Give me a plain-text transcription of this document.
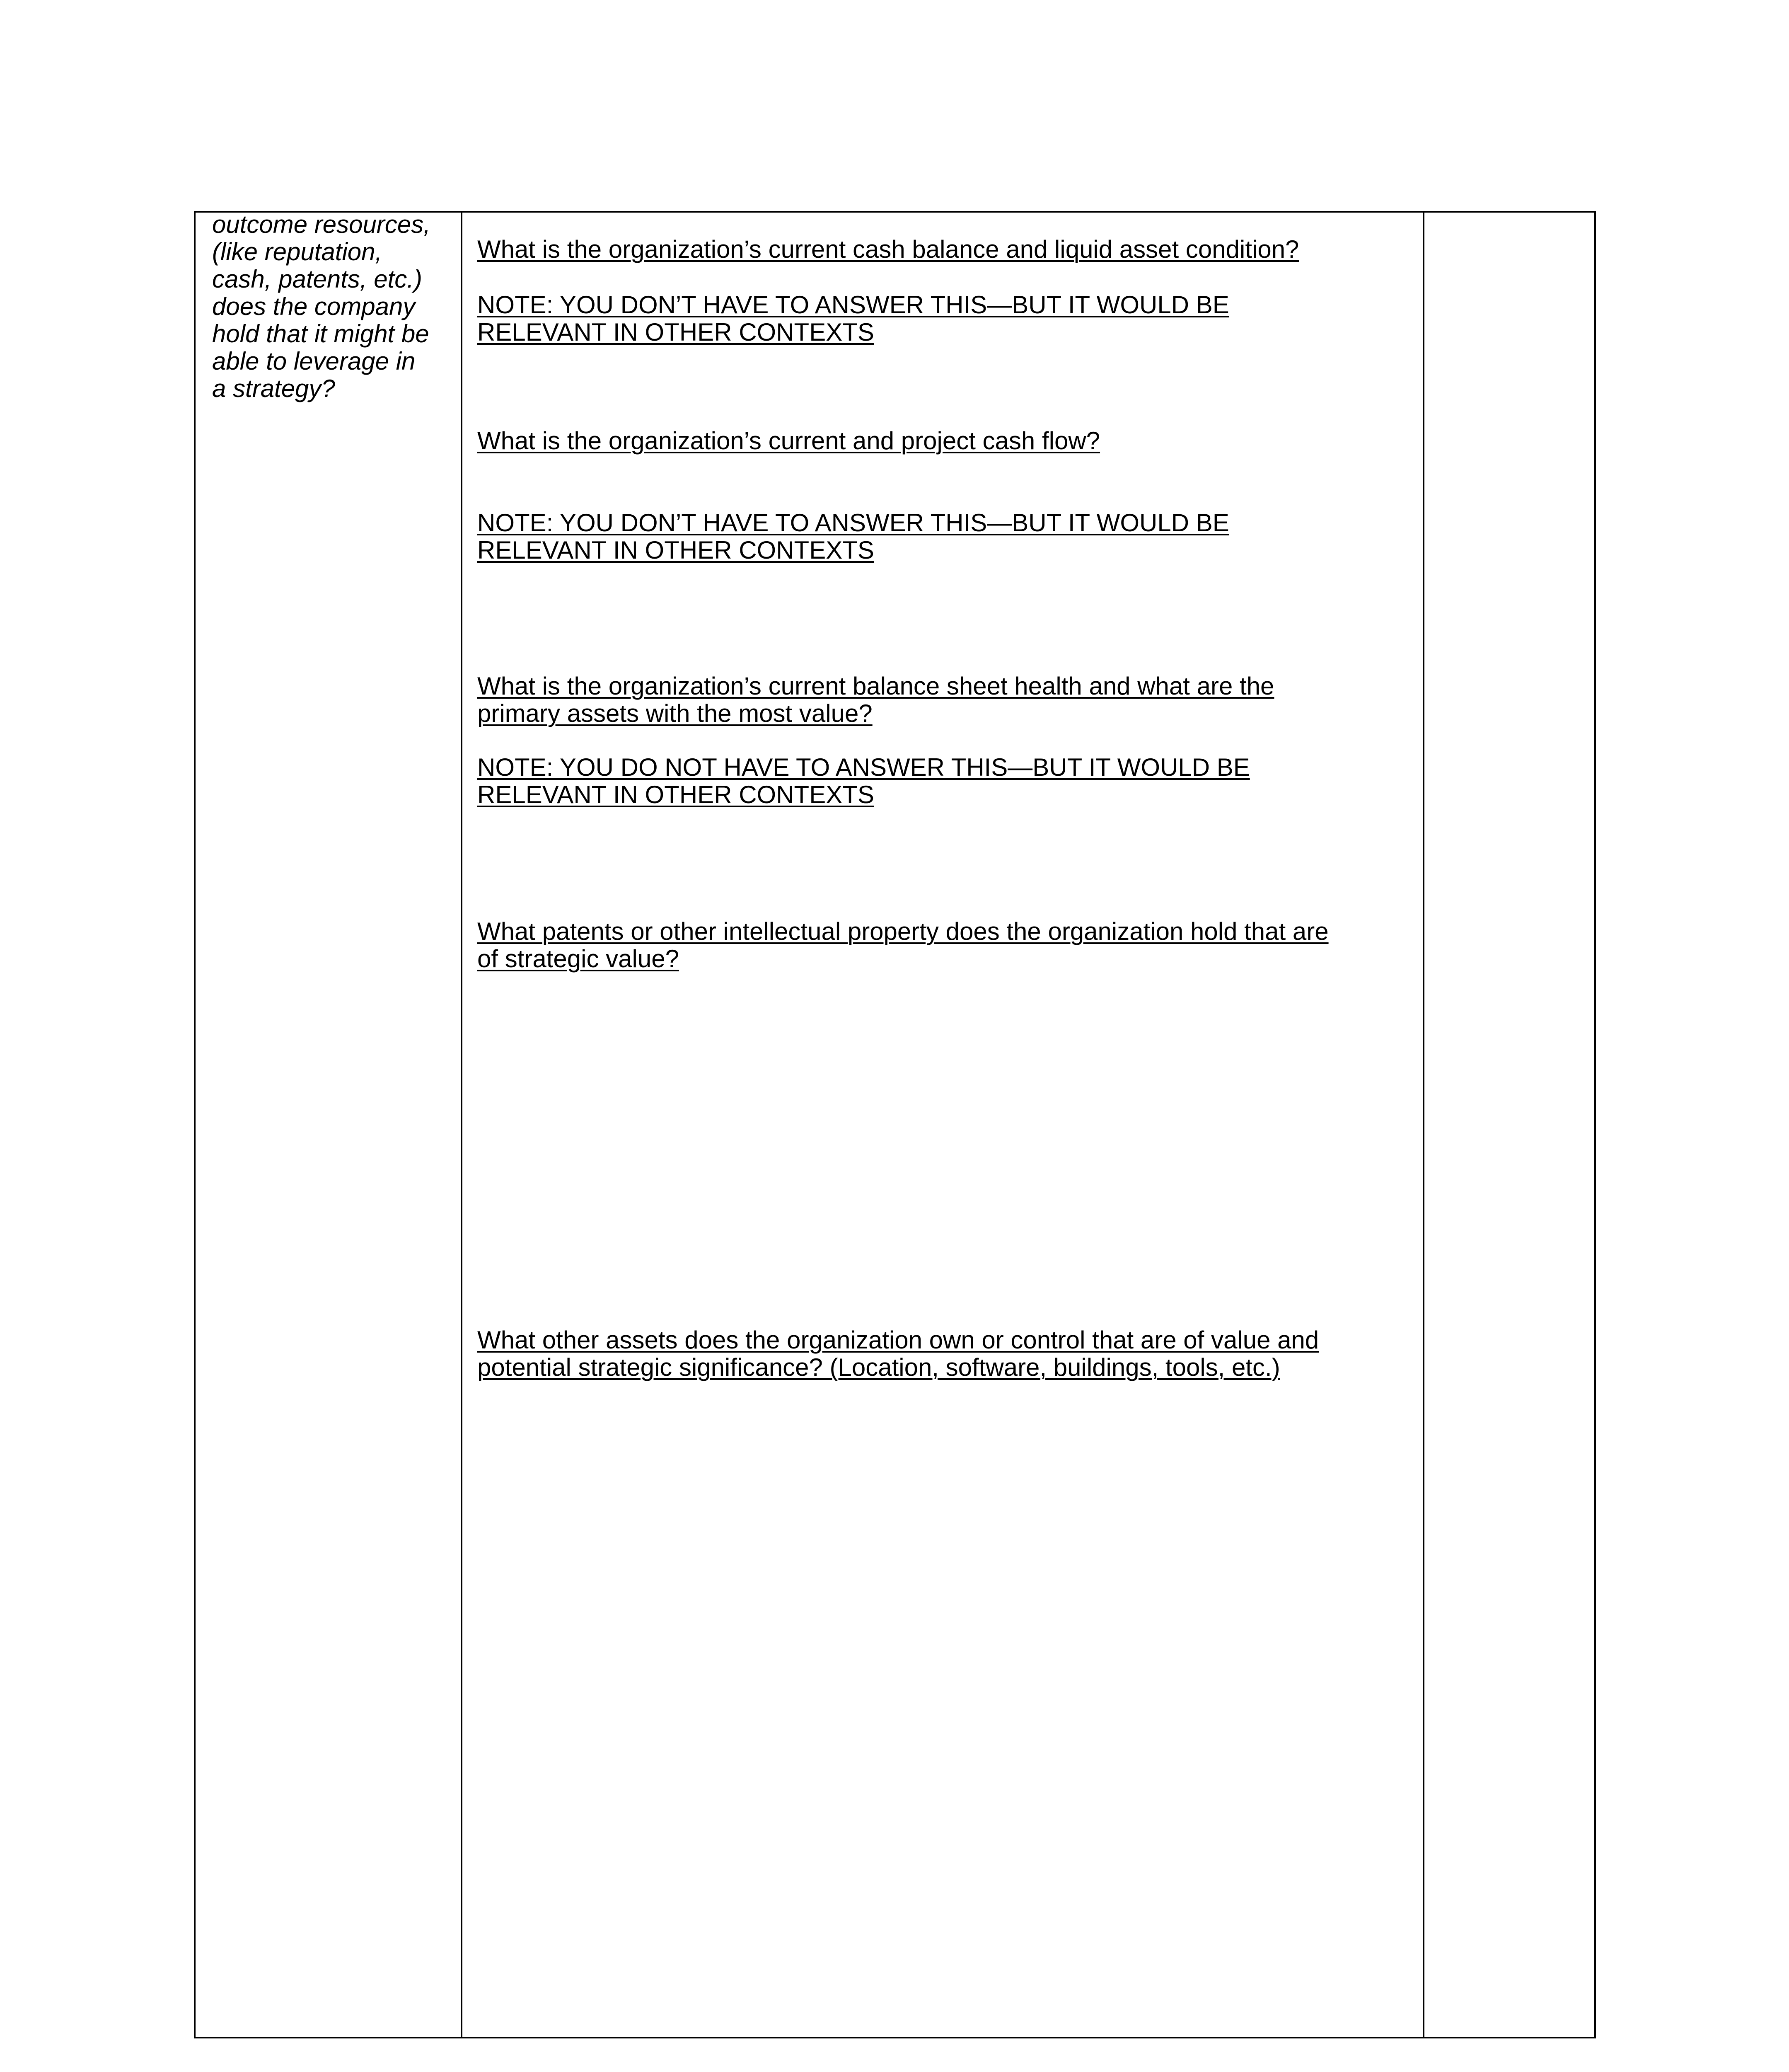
outcome resources,
(like reputation,
cash, patents, etc.)
does the company
hold that it might be
able to leverage in
a strategy?
What is the organization’s current cash balance and liquid asset condition?
NOTE: YOU DON’T HAVE TO ANSWER THIS—BUT IT WOULD BE
RELEVANT IN OTHER CONTEXTS
What is the organization’s current and project cash flow?
NOTE: YOU DON’T HAVE TO ANSWER THIS—BUT IT WOULD BE
RELEVANT IN OTHER CONTEXTS
What is the organization’s current balance sheet health and what are the
primary assets with the most value?
NOTE: YOU DO NOT HAVE TO ANSWER THIS—BUT IT WOULD BE
RELEVANT IN OTHER CONTEXTS
What patents or other intellectual property does the organization hold that are
of strategic value?
What other assets does the organization own or control that are of value and
potential strategic significance? (Location, software, buildings, tools, etc.)
